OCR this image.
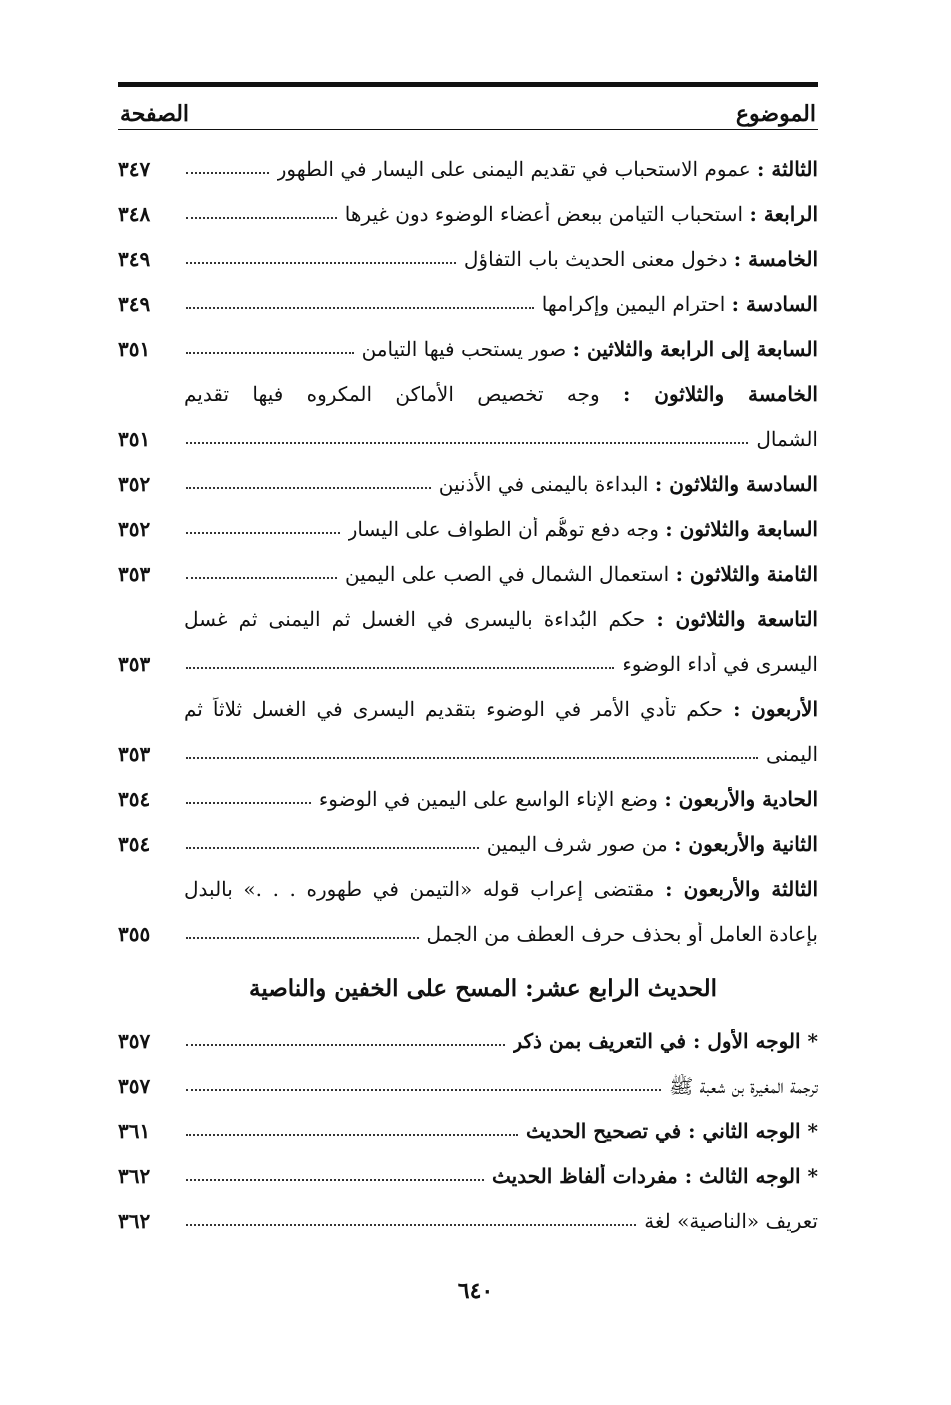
الموضوع
الصفحة
الثالثة : عموم الاستحباب في تقديم اليمنى على اليسار في الطهور
٣٤٧
الرابعة : استحباب التيامن ببعض أعضاء الوضوء دون غيرها
٣٤٨
الخامسة : دخول معنى الحديث باب التفاؤل
٣٤٩
السادسة : احترام اليمين وإكرامها
٣٤٩
السابعة إلى الرابعة والثلاثين : صور يستحب فيها التيامن
٣٥١
الخامسة والثلاثون : وجه تخصيص الأماكن المكروه فيها تقديم
الشمال
٣٥١
السادسة والثلاثون : البداءة باليمنى في الأذنين
٣٥٢
السابعة والثلاثون : وجه دفع توهُّم أن الطواف على اليسار
٣٥٢
الثامنة والثلاثون : استعمال الشمال في الصب على اليمين
٣٥٣
التاسعة والثلاثون : حكم البُداءة باليسرى في الغسل ثم اليمنى ثم غسل
اليسرى في أداء الوضوء
٣٥٣
الأربعون : حكم تأدي الأمر في الوضوء بتقديم اليسرى في الغسل ثلاثاً ثم
اليمنى
٣٥٣
الحادية والأربعون : وضع الإناء الواسع على اليمين في الوضوء
٣٥٤
الثانية والأربعون : من صور شرف اليمين
٣٥٤
الثالثة والأربعون : مقتضى إعراب قوله «التيمن في طهوره . . .» بالبدل
بإعادة العامل أو بحذف حرف العطف من الجمل
٣٥٥
الحديث الرابع عشر: المسح على الخفين والناصية
* الوجه الأول : في التعريف بمن ذكر
٣٥٧
ترجمة المغيرة بن شعبة ﷺ
٣٥٧
* الوجه الثاني : في تصحيح الحديث
٣٦١
* الوجه الثالث : مفردات ألفاظ الحديث
٣٦٢
تعريف «الناصية» لغة
٣٦٢
٦٤٠
